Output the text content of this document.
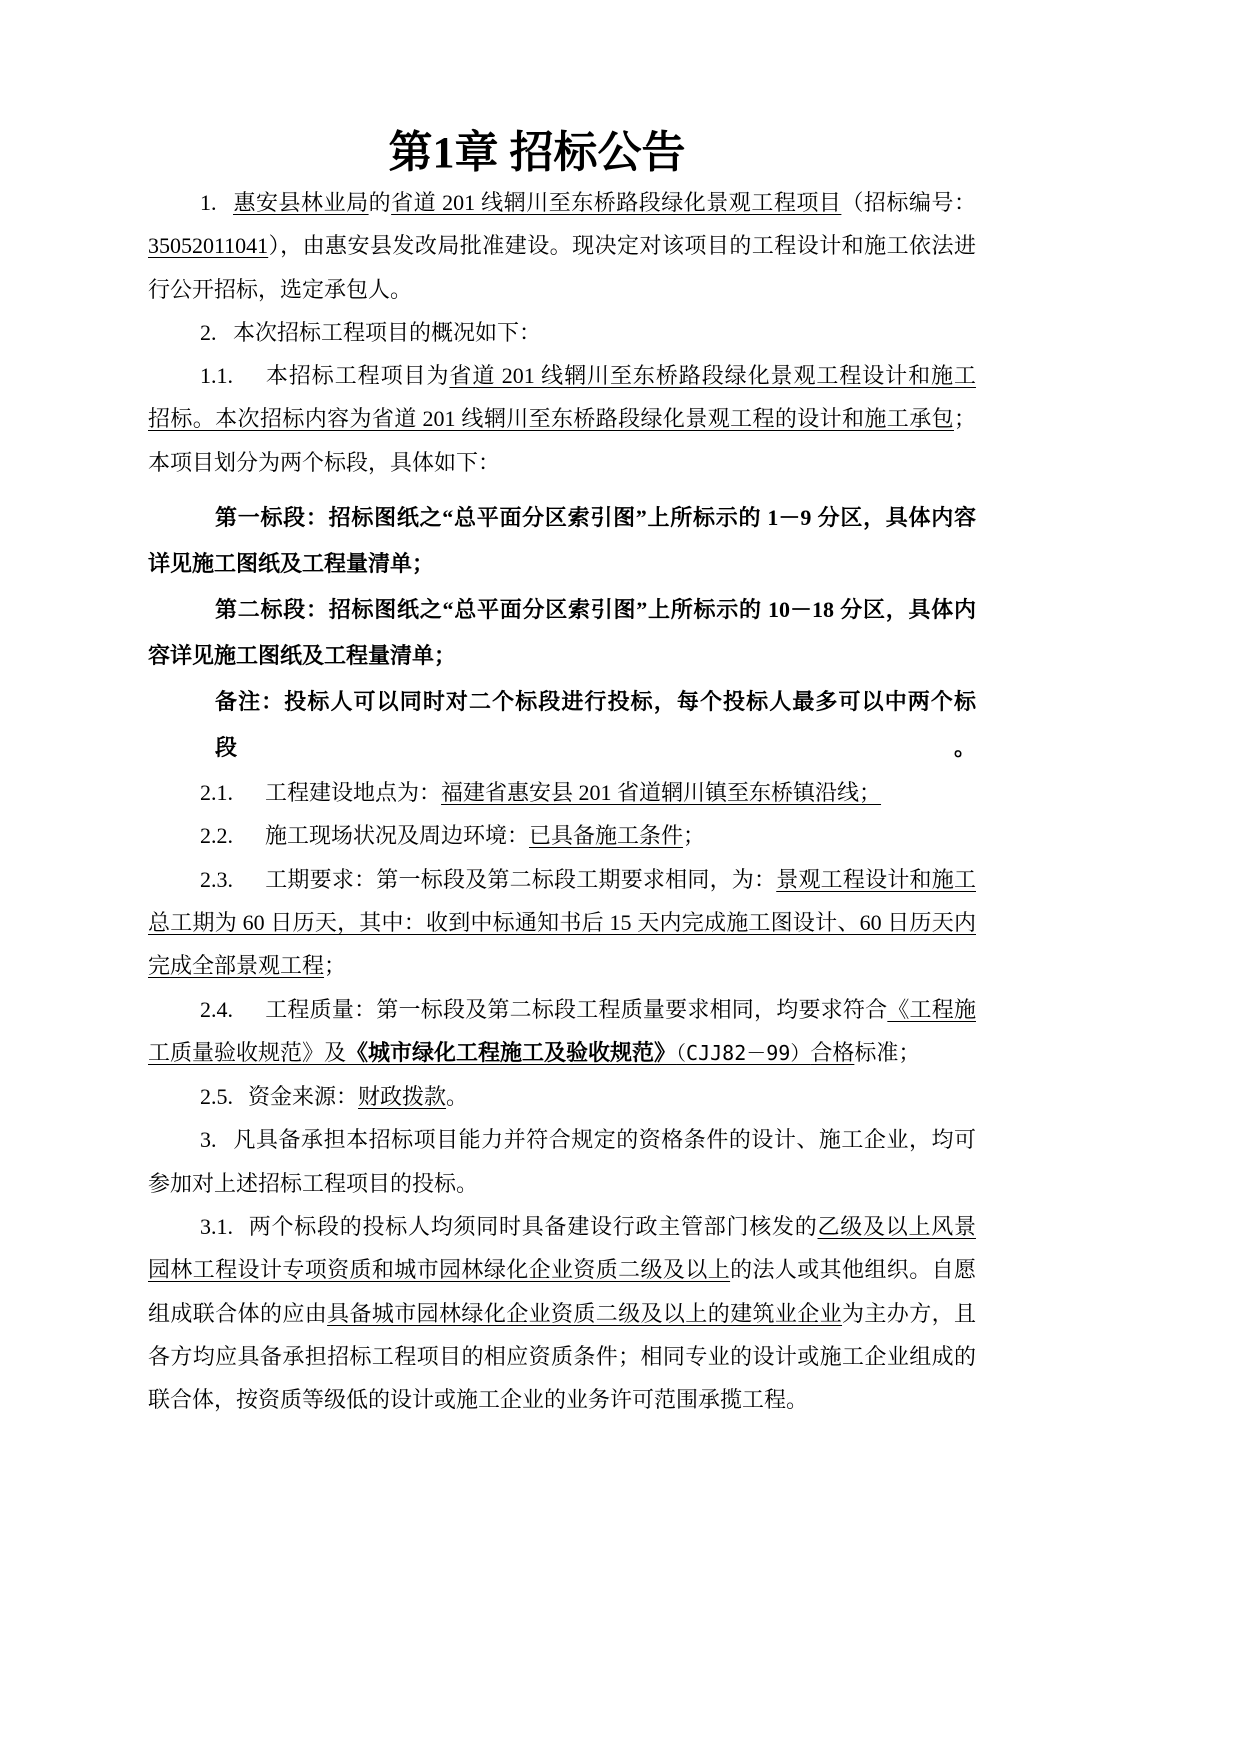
第1章 招标公告
1. 惠安县林业局的省道 201 线辋川至东桥路段绿化景观工程项目（招标编号：
35052011041），由惠安县发改局批准建设。现决定对该项目的工程设计和施工依法进
行公开招标，选定承包人。
2. 本次招标工程项目的概况如下：
1.1. 本招标工程项目为省道 201 线辋川至东桥路段绿化景观工程设计和施工
招标。本次招标内容为省道 201 线辋川至东桥路段绿化景观工程的设计和施工承包；
本项目划分为两个标段，具体如下：
第一标段：招标图纸之“总平面分区索引图”上所标示的 1－9 分区，具体内容
详见施工图纸及工程量清单；
第二标段：招标图纸之“总平面分区索引图”上所标示的 10－18 分区，具体内
容详见施工图纸及工程量清单；
备注：投标人可以同时对二个标段进行投标，每个投标人最多可以中两个标段。
2.1. 工程建设地点为：福建省惠安县 201 省道辋川镇至东桥镇沿线；
2.2. 施工现场状况及周边环境：已具备施工条件；
2.3. 工期要求：第一标段及第二标段工期要求相同，为：景观工程设计和施工
总工期为 60 日历天，其中：收到中标通知书后 15 天内完成施工图设计、60 日历天内
完成全部景观工程；
2.4. 工程质量：第一标段及第二标段工程质量要求相同，均要求符合《工程施
工质量验收规范》及《城市绿化工程施工及验收规范》（CJJ82－99）合格标准；
2.5. 资金来源：财政拨款。
3. 凡具备承担本招标项目能力并符合规定的资格条件的设计、施工企业，均可
参加对上述招标工程项目的投标。
3.1. 两个标段的投标人均须同时具备建设行政主管部门核发的乙级及以上风景
园林工程设计专项资质和城市园林绿化企业资质二级及以上的法人或其他组织。自愿
组成联合体的应由具备城市园林绿化企业资质二级及以上的建筑业企业为主办方，且
各方均应具备承担招标工程项目的相应资质条件；相同专业的设计或施工企业组成的
联合体，按资质等级低的设计或施工企业的业务许可范围承揽工程。
